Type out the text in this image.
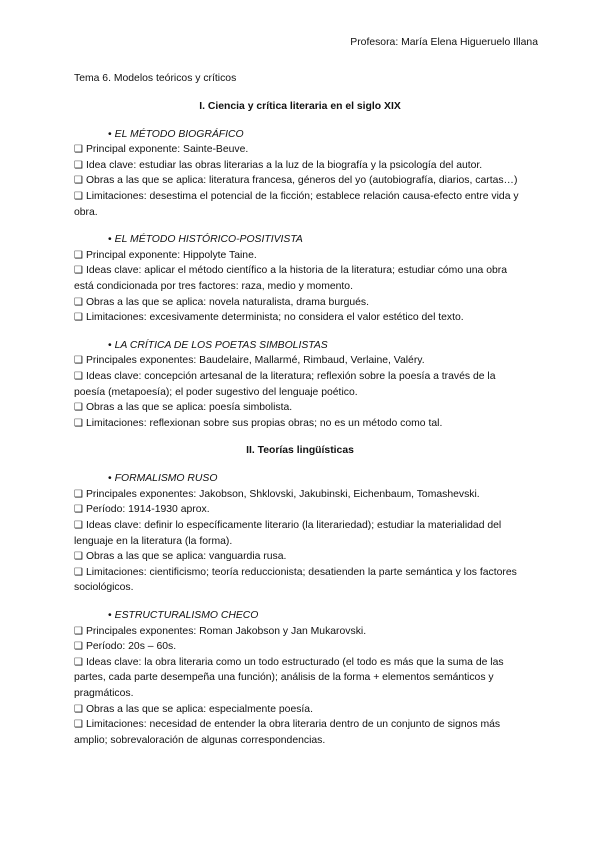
Profesora: María Elena Higueruelo Illana
Tema 6. Modelos teóricos y críticos
I. Ciencia y crítica literaria en el siglo XIX
• EL MÉTODO BIOGRÁFICO
❑ Principal exponente: Sainte-Beuve.
❑ Idea clave: estudiar las obras literarias a la luz de la biografía y la psicología del autor.
❑ Obras a las que se aplica: literatura francesa, géneros del yo (autobiografía, diarios, cartas…)
❑ Limitaciones: desestima el potencial de la ficción; establece relación causa-efecto entre vida y obra.
• EL MÉTODO HISTÓRICO-POSITIVISTA
❑ Principal exponente: Hippolyte Taine.
❑ Ideas clave: aplicar el método científico a la historia de la literatura; estudiar cómo una obra está condicionada por tres factores: raza, medio y momento.
❑ Obras a las que se aplica: novela naturalista, drama burgués.
❑ Limitaciones: excesivamente determinista; no considera el valor estético del texto.
• LA CRÍTICA DE LOS POETAS SIMBOLISTAS
❑ Principales exponentes: Baudelaire, Mallarmé, Rimbaud, Verlaine, Valéry.
❑ Ideas clave: concepción artesanal de la literatura; reflexión sobre la poesía a través de la poesía (metapoesía); el poder sugestivo del lenguaje poético.
❑ Obras a las que se aplica: poesía simbolista.
❑ Limitaciones: reflexionan sobre sus propias obras; no es un método como tal.
II. Teorías lingüísticas
• FORMALISMO RUSO
❑ Principales exponentes: Jakobson, Shklovski, Jakubinski, Eichenbaum, Tomashevski.
❑ Período: 1914-1930 aprox.
❑ Ideas clave: definir lo específicamente literario (la literariedad); estudiar la materialidad del lenguaje en la literatura (la forma).
❑ Obras a las que se aplica: vanguardia rusa.
❑ Limitaciones: cientificismo; teoría reduccionista; desatienden la parte semántica y los factores sociológicos.
• ESTRUCTURALISMO CHECO
❑ Principales exponentes: Roman Jakobson y Jan Mukarovski.
❑ Período: 20s – 60s.
❑ Ideas clave: la obra literaria como un todo estructurado (el todo es más que la suma de las partes, cada parte desempeña una función); análisis de la forma + elementos semánticos y pragmáticos.
❑ Obras a las que se aplica: especialmente poesía.
❑ Limitaciones: necesidad de entender la obra literaria dentro de un conjunto de signos más amplio; sobrevaloración de algunas correspondencias.
